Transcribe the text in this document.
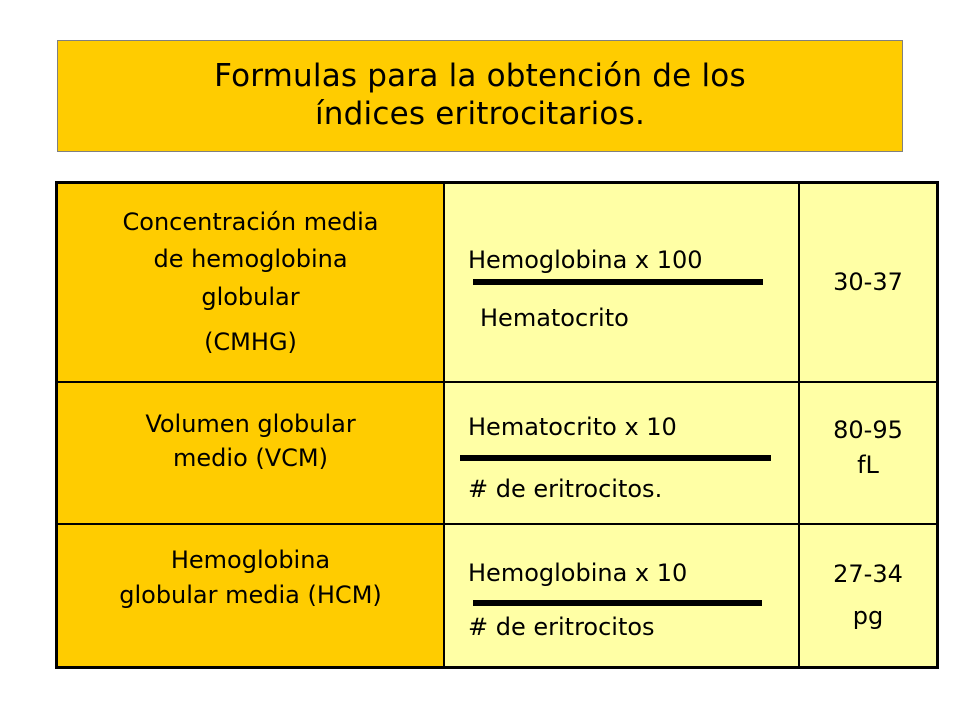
Formulas para la obtención de los
índices eritrocitarios.
Concentración media
de hemoglobina
globular
(CMHG)
Hemoglobina x 100
Hematocrito
30-37
Volumen globular
medio (VCM)
Hematocrito x 10
# de eritrocitos.
80-95
fL
Hemoglobina
globular media (HCM)
Hemoglobina x 10
# de eritrocitos
27-34
pg
